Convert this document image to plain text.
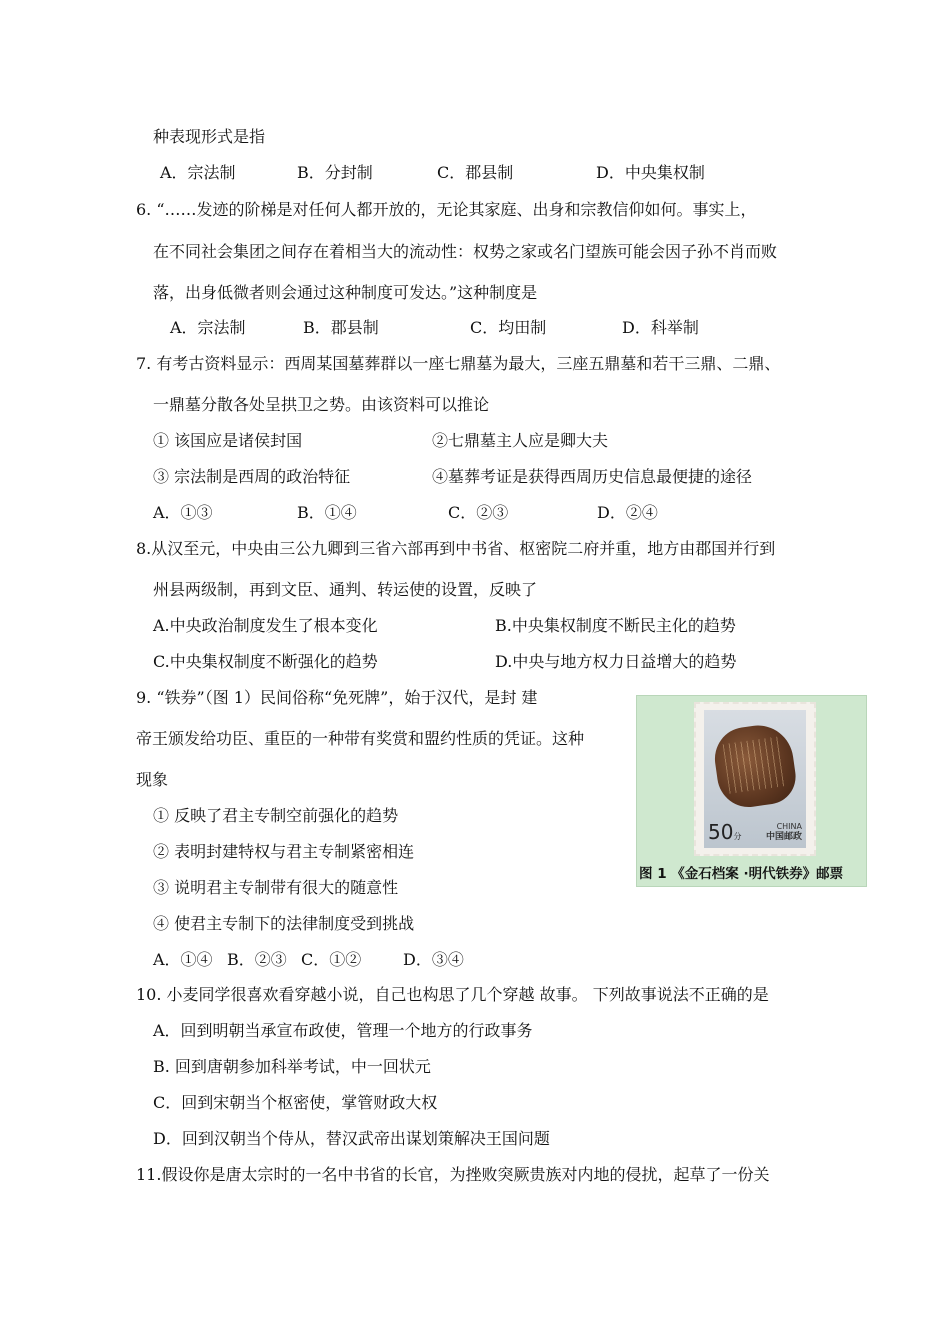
种表现形式是指
A．宗法制	B．分封制	C．郡县制	D．中央集权制
6. “……发迹的阶梯是对任何人都开放的，无论其家庭、出身和宗教信仰如何。事实上，
在不同社会集团之间存在着相当大的流动性：权势之家或名门望族可能会因子孙不肖而败
落，出身低微者则会通过这种制度可发达。”这种制度是
A．宗法制	B．郡县制	C．均田制	D．科举制
7. 有考古资料显示：西周某国墓葬群以一座七鼎墓为最大，三座五鼎墓和若干三鼎、二鼎、
一鼎墓分散各处呈拱卫之势。由该资料可以推论
① 该国应是诸侯封国	②七鼎墓主人应是卿大夫
③ 宗法制是西周的政治特征	④墓葬考证是获得西周历史信息最便捷的途径
A．①③	B．①④	C．②③	D．②④
8.从汉至元，中央由三公九卿到三省六部再到中书省、枢密院二府并重，地方由郡国并行到
州县两级制，再到文臣、通判、转运使的设置，反映了
A.中央政治制度发生了根本变化	B.中央集权制度不断民主化的趋势
C.中央集权制度不断强化的趋势	D.中央与地方权力日益增大的趋势
9. “铁券”（图 1）民间俗称“免死牌”，始于汉代，是封 建
帝王颁发给功臣、重臣的一种带有奖赏和盟约性质的凭证。这种
现象
① 反映了君主专制空前强化的趋势
② 表明封建特权与君主专制紧密相连
③ 说明君主专制带有很大的随意性
④ 使君主专制下的法律制度受到挑战
A．①④ B．②③ C．①②	D．③④
50分
CHINA
中国邮政
图 1 《金石档案 ·明代铁券》邮票
10. 小麦同学很喜欢看穿越小说，自己也构思了几个穿越 故事。 下列故事说法不正确的是
A．回到明朝当承宣布政使，管理一个地方的行政事务
B. 回到唐朝参加科举考试，中一回状元
C．回到宋朝当个枢密使，掌管财政大权
D．回到汉朝当个侍从，替汉武帝出谋划策解决王国问题
11.假设你是唐太宗时的一名中书省的长官，为挫败突厥贵族对内地的侵扰，起草了一份关
